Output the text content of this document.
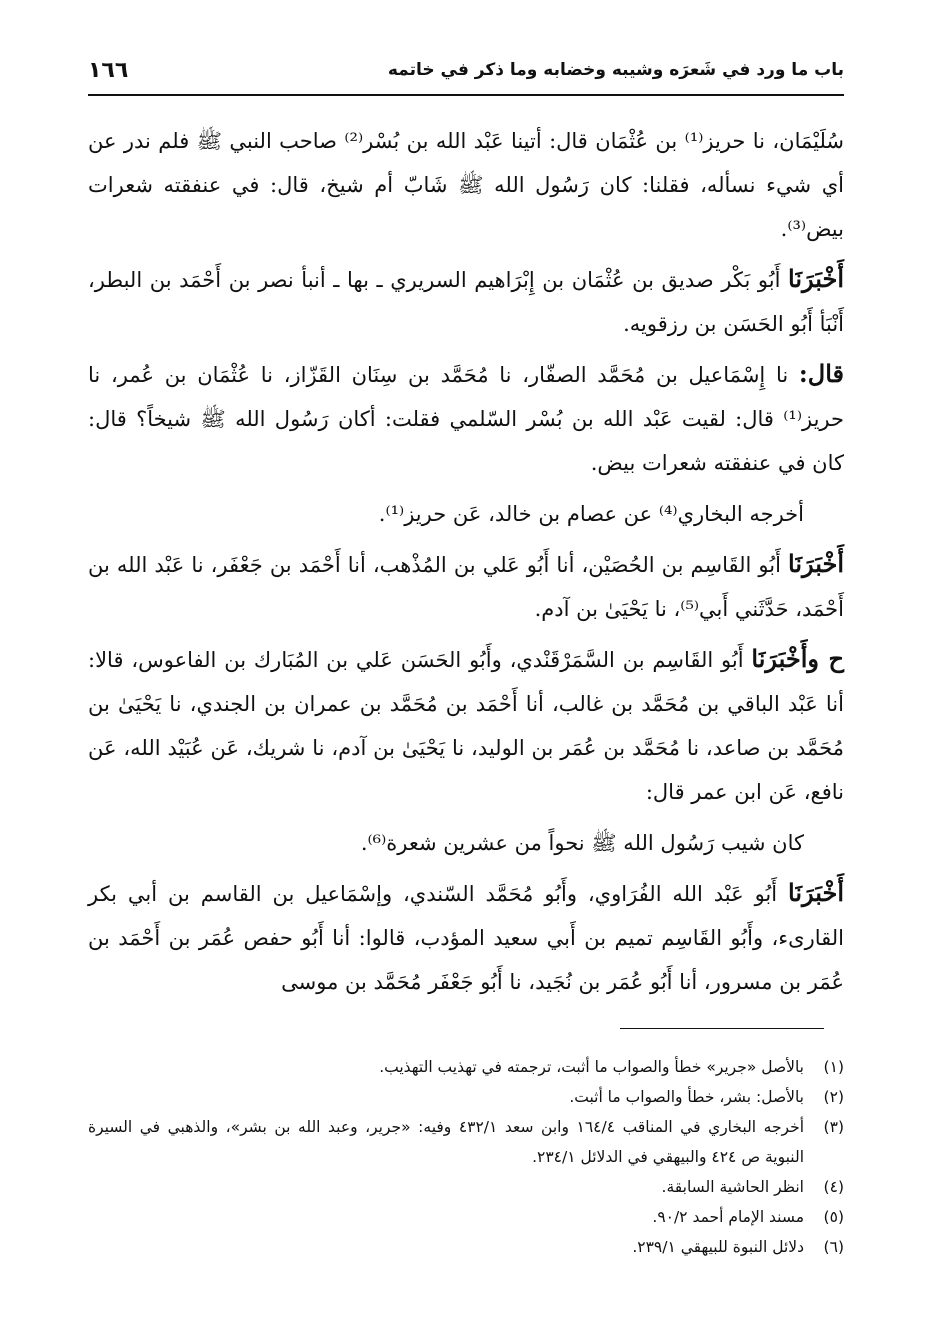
باب ما ورد في شَعرَه وشيبه وخضابه وما ذكر في خاتمه
١٦٦

سُلَيْمَان، نا حريز⁽¹⁾ بن عُثْمَان قال: أتينا عَبْد الله بن بُسْر⁽²⁾ صاحب النبي ﷺ فلم ندر عن أي شيء نسأله، فقلنا: كان رَسُول الله ﷺ شَابّ أم شيخ، قال: في عنفقته شعرات بيض⁽³⁾.

أَخْبَرَنَا أَبُو بَكْر صديق بن عُثْمَان بن إِبْرَاهيم السريري ـ بها ـ أنبأ نصر بن أَحْمَد بن البطر، أَنْبَأ أَبُو الحَسَن بن رزقويه.

قال: نا إِسْمَاعيل بن مُحَمَّد الصفّار، نا مُحَمَّد بن سِنَان القَزّاز، نا عُثْمَان بن عُمر، نا حريز⁽¹⁾ قال: لقيت عَبْد الله بن بُسْر السّلمي فقلت: أكان رَسُول الله ﷺ شيخاً؟ قال: كان في عنفقته شعرات بيض.

أخرجه البخاري⁽⁴⁾ عن عصام بن خالد، عَن حريز⁽¹⁾.

أَخْبَرَنَا أَبُو القَاسِم بن الحُصَيْن، أنا أَبُو عَلي بن المُذْهب، أنا أَحْمَد بن جَعْفَر، نا عَبْد الله بن أَحْمَد، حَدَّثَني أَبي⁽⁵⁾، نا يَحْيَىٰ بن آدم.

ح وأَخْبَرَنَا أَبُو القَاسِم بن السَّمَرْقَنْدي، وأَبُو الحَسَن عَلي بن المُبَارك بن الفاعوس، قالا: أنا عَبْد الباقي بن مُحَمَّد بن غالب، أنا أَحْمَد بن مُحَمَّد بن عمران بن الجندي، نا يَحْيَىٰ بن مُحَمَّد بن صاعد، نا مُحَمَّد بن عُمَر بن الوليد، نا يَحْيَىٰ بن آدم، نا شريك، عَن عُبَيْد الله، عَن نافع، عَن ابن عمر قال:

كان شيب رَسُول الله ﷺ نحواً من عشرين شعرة⁽⁶⁾.

أَخْبَرَنَا أَبُو عَبْد الله الفُرَاوي، وأَبُو مُحَمَّد السّندي، وإسْمَاعيل بن القاسم بن أبي بكر القارىء، وأَبُو القَاسِم تميم بن أَبي سعيد المؤدب، قالوا: أنا أَبُو حفص عُمَر بن أَحْمَد بن عُمَر بن مسرور، أنا أَبُو عُمَر بن نُجَيد، نا أَبُو جَعْفَر مُحَمَّد بن موسى

(١)
بالأصل «جرير» خطأ والصواب ما أثبت، ترجمته في تهذيب التهذيب.
(٢)
بالأصل: بشر، خطأ والصواب ما أثبت.
(٣)
أخرجه البخاري في المناقب ١٦٤/٤ وابن سعد ٤٣٢/١ وفيه: «جرير، وعبد الله بن بشر»، والذهبي في السيرة النبوية ص ٤٢٤ والبيهقي في الدلائل ٢٣٤/١.
(٤)
انظر الحاشية السابقة.
(٥)
مسند الإمام أحمد ٩٠/٢.
(٦)
دلائل النبوة للبيهقي ٢٣٩/١.
